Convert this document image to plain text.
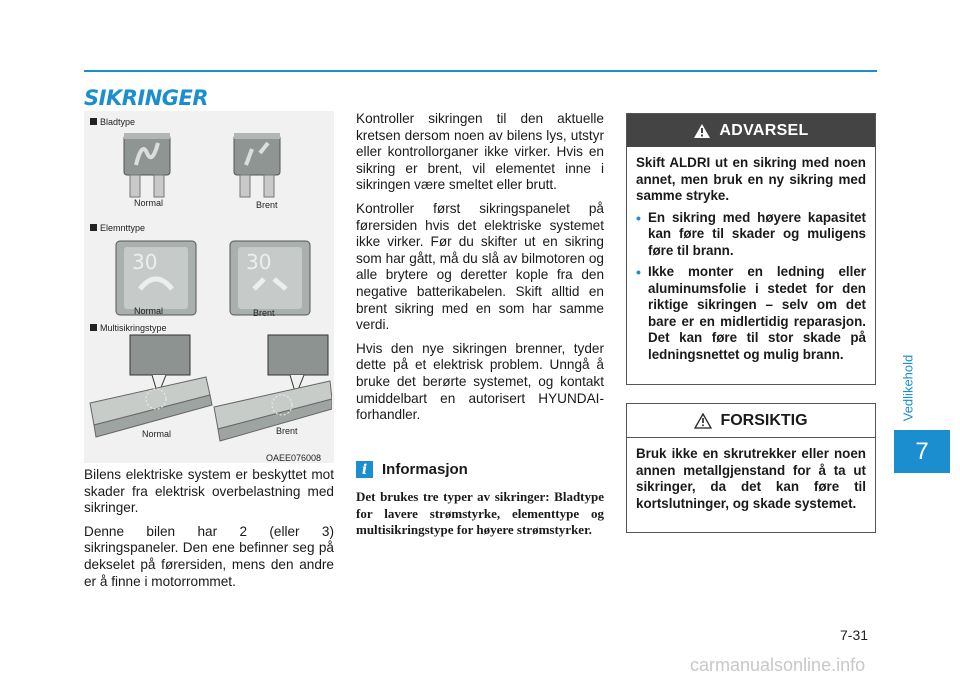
SIKRINGER
Vedlikehold
7
Bladtype
Normal	Brent
Elemnttype
30	30
Normal	Brent
Multisikringstype
Normal	Brent
OAEE076008

Bilens elektriske system er beskyttet mot skader fra elektrisk overbelastning med sikringer.

Denne bilen har 2 (eller 3) sikringspaneler. Den ene befinner seg på dekselet på førersiden, mens den andre er å finne i motorrommet.

Kontroller sikringen til den aktuelle kretsen dersom noen av bilens lys, utstyr eller kontrollorganer ikke virker. Hvis en sikring er brent, vil elementet inne i sikringen være smeltet eller brutt.

Kontroller først sikringspanelet på førersiden hvis det elektriske systemet ikke virker. Før du skifter ut en sikring som har gått, må du slå av bilmotoren og alle brytere og deretter kople fra den negative batterikabelen. Skift alltid en brent sikring med en som har samme verdi.

Hvis den nye sikringen brenner, tyder dette på et elektrisk problem. Unngå å bruke det berørte systemet, og kontakt umiddelbart en autorisert HYUNDAI-forhandler.

i Informasjon
Det brukes tre typer av sikringer: Bladtype for lavere strømstyrke, elementtype og multisikringstype for høyere strømstyrker.
ADVARSEL

Skift ALDRI ut en sikring med noen annet, men bruk en ny sikring med samme stryke.

• En sikring med høyere kapasitet kan føre til skader og muligens føre til brann.
• Ikke monter en ledning eller aluminumsfolie i stedet for den riktige sikringen – selv om det bare er en midlertidig reparasjon. Det kan føre til stor skade på ledningsnettet og mulig brann.
FORSIKTIG
Bruk ikke en skrutrekker eller noen annen metallgjenstand for å ta ut sikringer, da det kan føre til kortslutninger, og skade systemet.
7-31
carmanualsonline.info
